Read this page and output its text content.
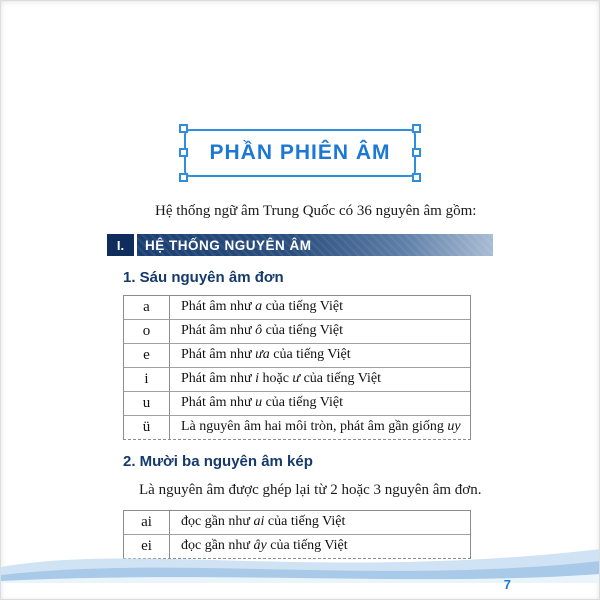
PHẦN PHIÊN ÂM

Hệ thống ngữ âm Trung Quốc có 36 nguyên âm gồm:

I.	HỆ THỐNG NGUYÊN ÂM
1. Sáu nguyên âm đơn
a	Phát âm như a của tiếng Việt
o	Phát âm như ô của tiếng Việt
e	Phát âm như ưa của tiếng Việt
i	Phát âm như i hoặc ư của tiếng Việt
u	Phát âm như u của tiếng Việt
ü	Là nguyên âm hai môi tròn, phát âm gần giống uy
2. Mười ba nguyên âm kép

Là nguyên âm được ghép lại từ 2 hoặc 3 nguyên âm đơn.

ai	đọc gần như ai của tiếng Việt
ei	đọc gần như ây của tiếng Việt
7
